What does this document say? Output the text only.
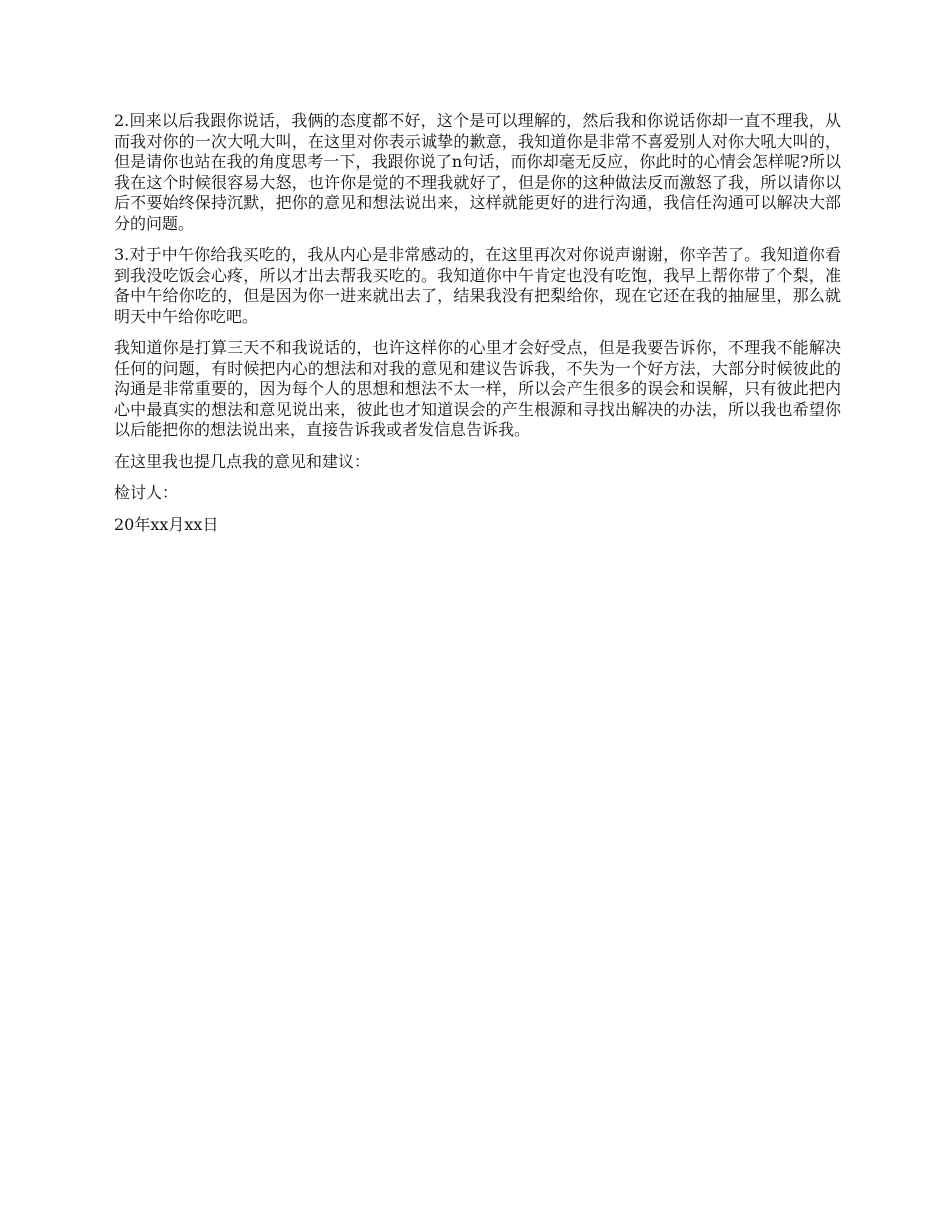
2.回来以后我跟你说话，我俩的态度都不好，这个是可以理解的，然后我和你说话你却一直不理我，从而我对你的一次大吼大叫，在这里对你表示诚挚的歉意，我知道你是非常不喜爱别人对你大吼大叫的，但是请你也站在我的角度思考一下，我跟你说了n句话，而你却毫无反应，你此时的心情会怎样呢?所以我在这个时候很容易大怒，也许你是觉的不理我就好了，但是你的这种做法反而激怒了我，所以请你以后不要始终保持沉默，把你的意见和想法说出来，这样就能更好的进行沟通，我信任沟通可以解决大部分的问题。

3.对于中午你给我买吃的，我从内心是非常感动的，在这里再次对你说声谢谢，你辛苦了。我知道你看到我没吃饭会心疼，所以才出去帮我买吃的。我知道你中午肯定也没有吃饱，我早上帮你带了个梨，准备中午给你吃的，但是因为你一进来就出去了，结果我没有把梨给你，现在它还在我的抽屉里，那么就明天中午给你吃吧。

我知道你是打算三天不和我说话的，也许这样你的心里才会好受点，但是我要告诉你，不理我不能解决任何的问题，有时候把内心的想法和对我的意见和建议告诉我，不失为一个好方法，大部分时候彼此的沟通是非常重要的，因为每个人的思想和想法不太一样，所以会产生很多的误会和误解，只有彼此把内心中最真实的想法和意见说出来，彼此也才知道误会的产生根源和寻找出解决的办法，所以我也希望你以后能把你的想法说出来，直接告诉我或者发信息告诉我。

在这里我也提几点我的意见和建议：

检讨人：

20年xx月xx日
